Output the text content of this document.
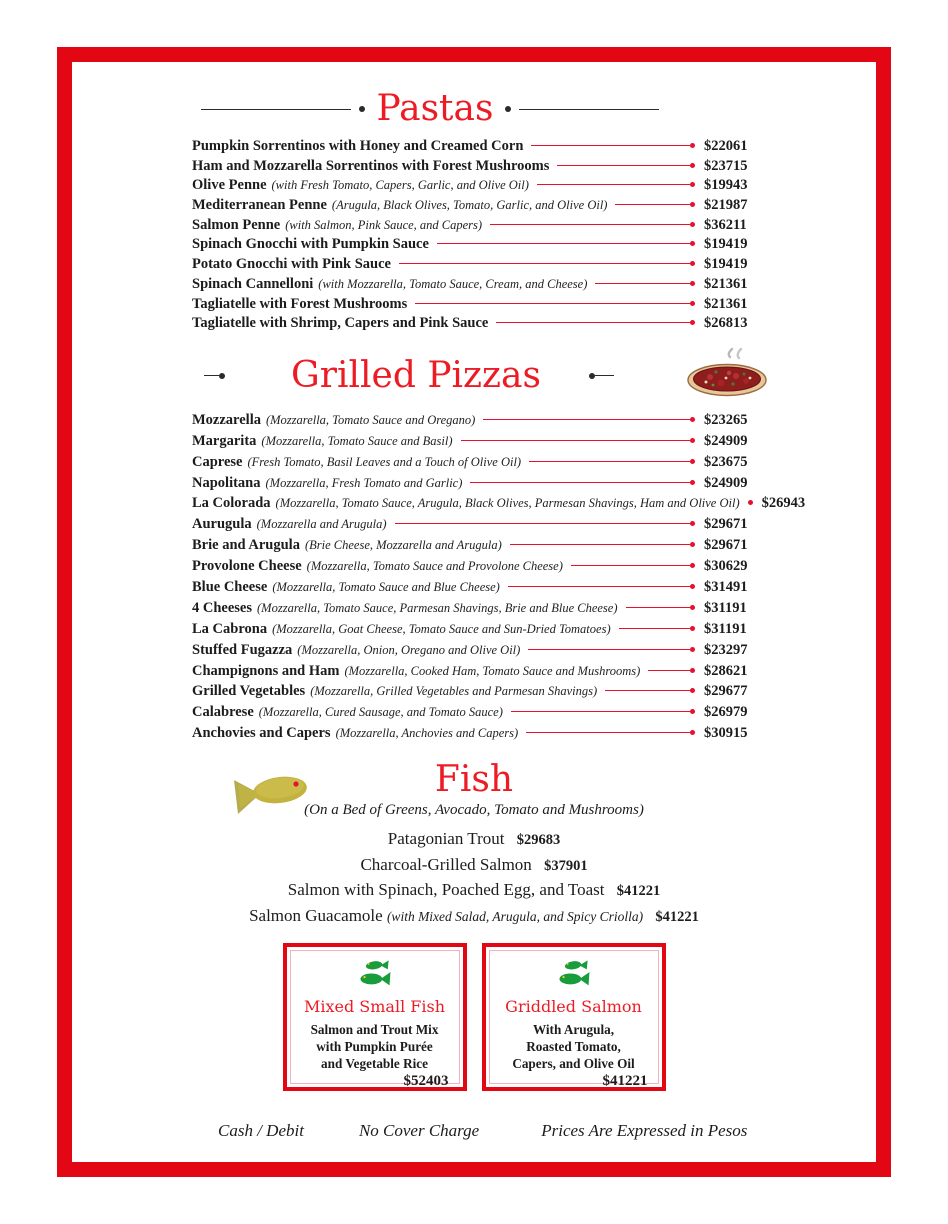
Pastas
Pumpkin Sorrentinos with Honey and Creamed Corn	$22061
Ham and Mozzarella Sorrentinos with Forest Mushrooms	$23715
Olive Penne (with Fresh Tomato, Capers, Garlic, and Olive Oil)	$19943
Mediterranean Penne (Arugula, Black Olives, Tomato, Garlic, and Olive Oil)	$21987
Salmon Penne (with Salmon, Pink Sauce, and Capers)	$36211
Spinach Gnocchi with Pumpkin Sauce	$19419
Potato Gnocchi with Pink Sauce	$19419
Spinach Cannelloni (with Mozzarella, Tomato Sauce, Cream, and Cheese)	$21361
Tagliatelle with Forest Mushrooms	$21361
Tagliatelle with Shrimp, Capers and Pink Sauce	$26813
Grilled Pizzas
Mozzarella (Mozzarella, Tomato Sauce and Oregano)	$23265
Margarita (Mozzarella, Tomato Sauce and Basil)	$24909
Caprese (Fresh Tomato, Basil Leaves and a Touch of Olive Oil)	$23675
Napolitana (Mozzarella, Fresh Tomato and Garlic)	$24909
La Colorada (Mozzarella, Tomato Sauce, Arugula, Black Olives, Parmesan Shavings, Ham and Olive Oil) $26943
Aurugula (Mozzarella and Arugula)	$29671
Brie and Arugula (Brie Cheese, Mozzarella and Arugula)	$29671
Provolone Cheese (Mozzarella, Tomato Sauce and Provolone Cheese)	$30629
Blue Cheese (Mozzarella, Tomato Sauce and Blue Cheese)	$31491
4 Cheeses (Mozzarella, Tomato Sauce, Parmesan Shavings, Brie and Blue Cheese)	$31191
La Cabrona (Mozzarella, Goat Cheese, Tomato Sauce and Sun-Dried Tomatoes)	$31191
Stuffed Fugazza (Mozzarella, Onion, Oregano and Olive Oil)	$23297
Champignons and Ham (Mozzarella, Cooked Ham, Tomato Sauce and Mushrooms)	$28621
Grilled Vegetables (Mozzarella, Grilled Vegetables and Parmesan Shavings)	$29677
Calabrese (Mozzarella, Cured Sausage, and Tomato Sauce)	$26979
Anchovies and Capers (Mozzarella, Anchovies and Capers)	$30915
Fish
(On a Bed of Greens, Avocado, Tomato and Mushrooms)
Patagonian Trout $29683
Charcoal-Grilled Salmon $37901
Salmon with Spinach, Poached Egg, and Toast $41221
Salmon Guacamole (with Mixed Salad, Arugula, and Spicy Criolla) $41221
Mixed Small Fish
Salmon and Trout Mix
with Pumpkin Purée
and Vegetable Rice
$52403
Griddled Salmon
With Arugula,
Roasted Tomato,
Capers, and Olive Oil
$41221
Cash / Debit	No Cover Charge	Prices Are Expressed in Pesos
